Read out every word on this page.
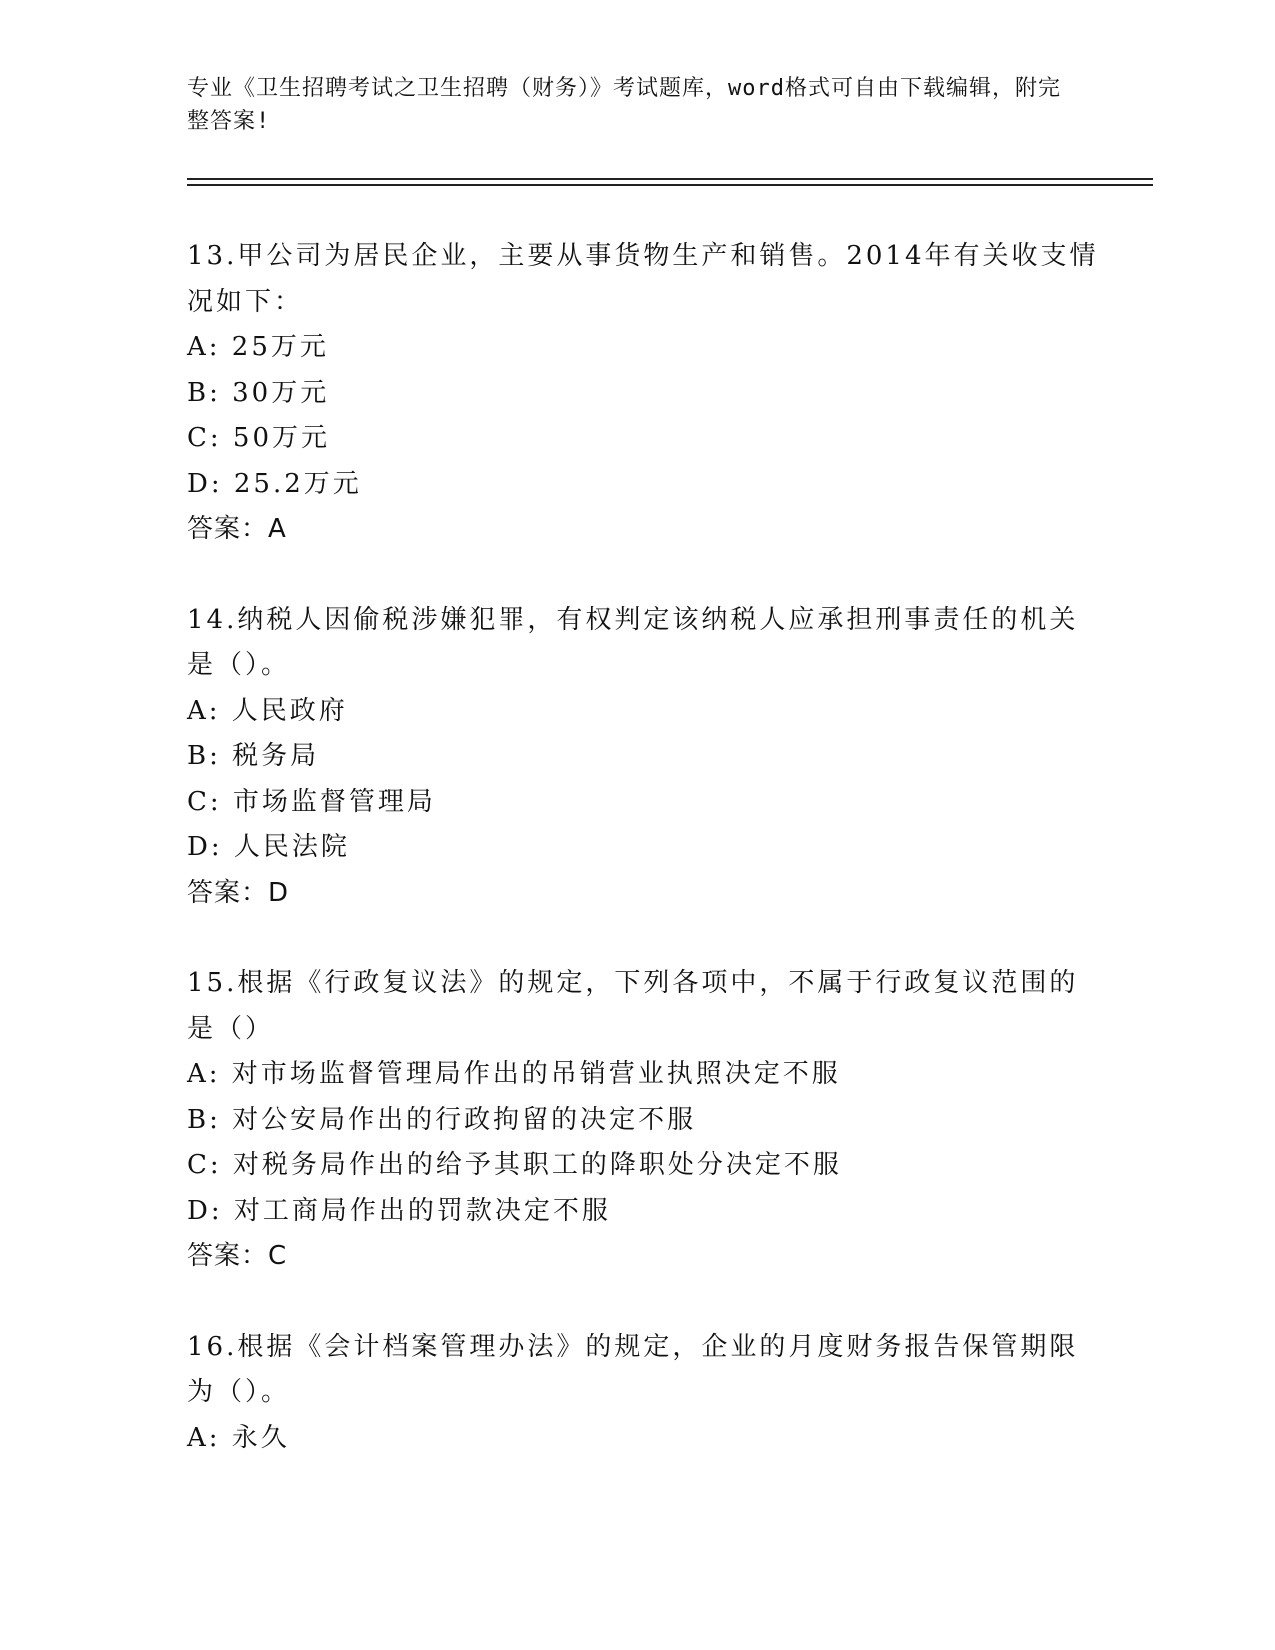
专业《卫生招聘考试之卫生招聘（财务）》考试题库，word格式可自由下载编辑，附完整答案!
13.甲公司为居民企业，主要从事货物生产和销售。2014年有关收支情况如下：
A: 25万元
B: 30万元
C: 50万元
D: 25.2万元
答案：A
14.纳税人因偷税涉嫌犯罪，有权判定该纳税人应承担刑事责任的机关是（）。
A: 人民政府
B: 税务局
C: 市场监督管理局
D: 人民法院
答案：D
15.根据《行政复议法》的规定，下列各项中，不属于行政复议范围的是（）
A: 对市场监督管理局作出的吊销营业执照决定不服
B: 对公安局作出的行政拘留的决定不服
C: 对税务局作出的给予其职工的降职处分决定不服
D: 对工商局作出的罚款决定不服
答案：C
16.根据《会计档案管理办法》的规定，企业的月度财务报告保管期限为（）。
A: 永久
